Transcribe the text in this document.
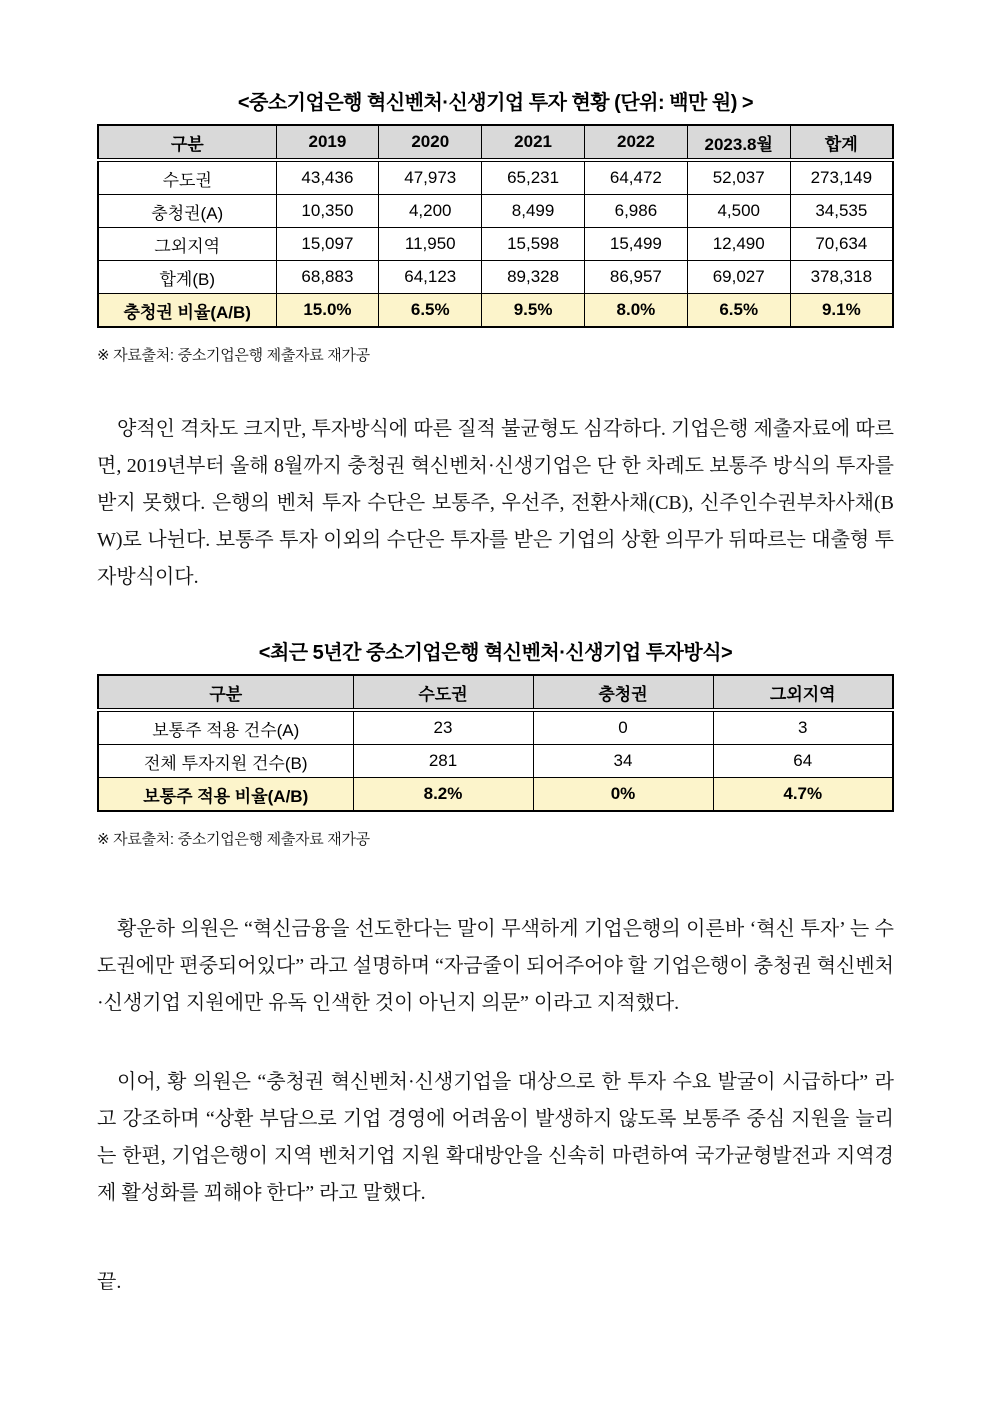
<중소기업은행 혁신벤처·신생기업 투자 현황 (단위: 백만 원) >
구분	2019	2020	2021	2022	2023.8월	합계
수도권	43,436	47,973	65,231	64,472	52,037	273,149
충청권(A)	10,350	4,200	8,499	6,986	4,500	34,535
그외지역	15,097	11,950	15,598	15,499	12,490	70,634
합계(B)	68,883	64,123	89,328	86,957	69,027	378,318
충청권 비율(A/B)	15.0%	6.5%	9.5%	8.0%	6.5%	9.1%
※ 자료출처: 중소기업은행 제출자료 재가공

양적인 격차도 크지만, 투자방식에 따른 질적 불균형도 심각하다. 기업은행 제출자료에 따르면, 2019년부터 올해 8월까지 충청권 혁신벤처·신생기업은 단 한 차례도 보통주 방식의 투자를 받지 못했다. 은행의 벤처 투자 수단은 보통주, 우선주, 전환사채(CB), 신주인수권부차사채(BW)로 나뉜다. 보통주 투자 이외의 수단은 투자를 받은 기업의 상환 의무가 뒤따르는 대출형 투자방식이다.

<최근 5년간 중소기업은행 혁신벤처·신생기업 투자방식>
구분	수도권	충청권	그외지역
보통주 적용 건수(A)	23	0	3
전체 투자지원 건수(B)	281	34	64
보통주 적용 비율(A/B)	8.2%	0%	4.7%
※ 자료출처: 중소기업은행 제출자료 재가공

황운하 의원은 “혁신금융을 선도한다는 말이 무색하게 기업은행의 이른바 ‘혁신 투자’ 는 수도권에만 편중되어있다” 라고 설명하며 “자금줄이 되어주어야 할 기업은행이 충청권 혁신벤처·신생기업 지원에만 유독 인색한 것이 아닌지 의문” 이라고 지적했다.

이어, 황 의원은 “충청권 혁신벤처·신생기업을 대상으로 한 투자 수요 발굴이 시급하다” 라고 강조하며 “상환 부담으로 기업 경영에 어려움이 발생하지 않도록 보통주 중심 지원을 늘리는 한편, 기업은행이 지역 벤처기업 지원 확대방안을 신속히 마련하여 국가균형발전과 지역경제 활성화를 꾀해야 한다” 라고 말했다.

끝.
